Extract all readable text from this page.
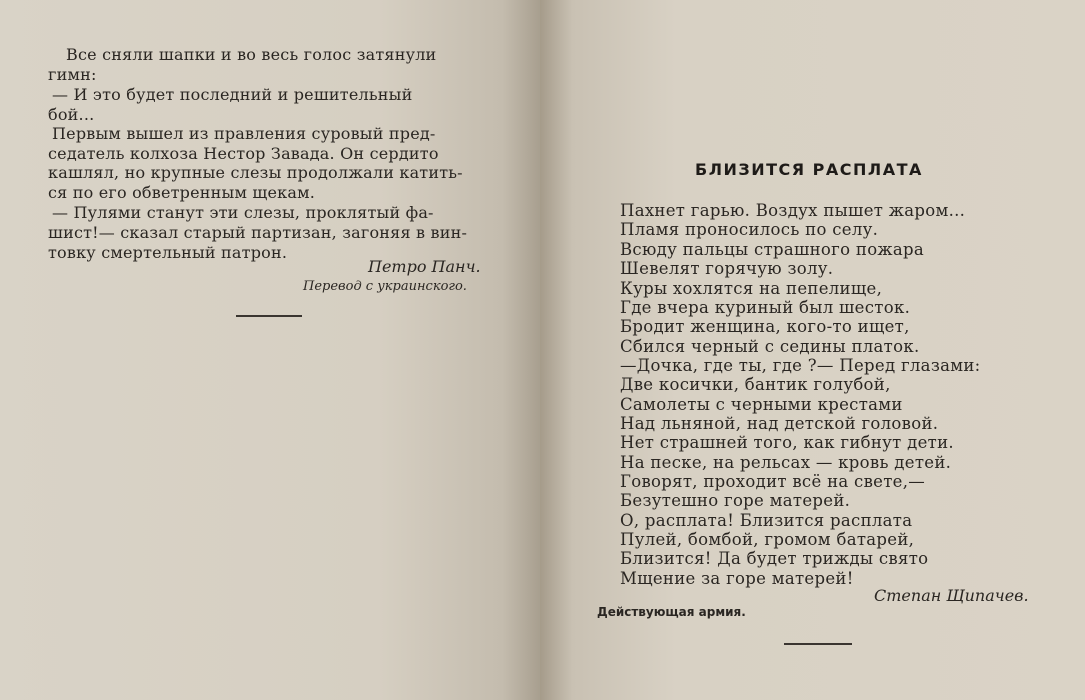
Все сняли шапки и во весь голос затянули
гимн:
— И это будет последний и решительный
бой...
Первым вышел из правления суровый пред-
седатель колхоза Нестор Завада. Он сердито
кашлял, но крупные слезы продолжали катить-
ся по его обветренным щекам.
— Пулями станут эти слезы, проклятый фа-
шист!— сказал старый партизан, загоняя в вин-
товку смертельный патрон.
Петро Панч.
Перевод с украинского.
БЛИЗИТСЯ РАСПЛАТА
Пахнет гарью. Воздух пышет жаром...
Пламя проносилось по селу.
Всюду пальцы страшного пожара
Шевелят горячую золу.
Куры хохлятся на пепелище,
Где вчера куриный был шесток.
Бродит женщина, кого-то ищет,
Сбился черный с седины платок.
—Дочка, где ты, где ?— Перед глазами:
Две косички, бантик голубой,
Самолеты с черными крестами
Над льняной, над детской головой.
Нет страшней того, как гибнут дети.
На песке, на рельсах — кровь детей.
Говорят, проходит всё на свете,—
Безутешно горе матерей.
О, расплата! Близится расплата
Пулей, бомбой, громом батарей,
Близится! Да будет трижды свято
Мщение за горе матерей!
Степан Щипачев.
Действующая армия.
